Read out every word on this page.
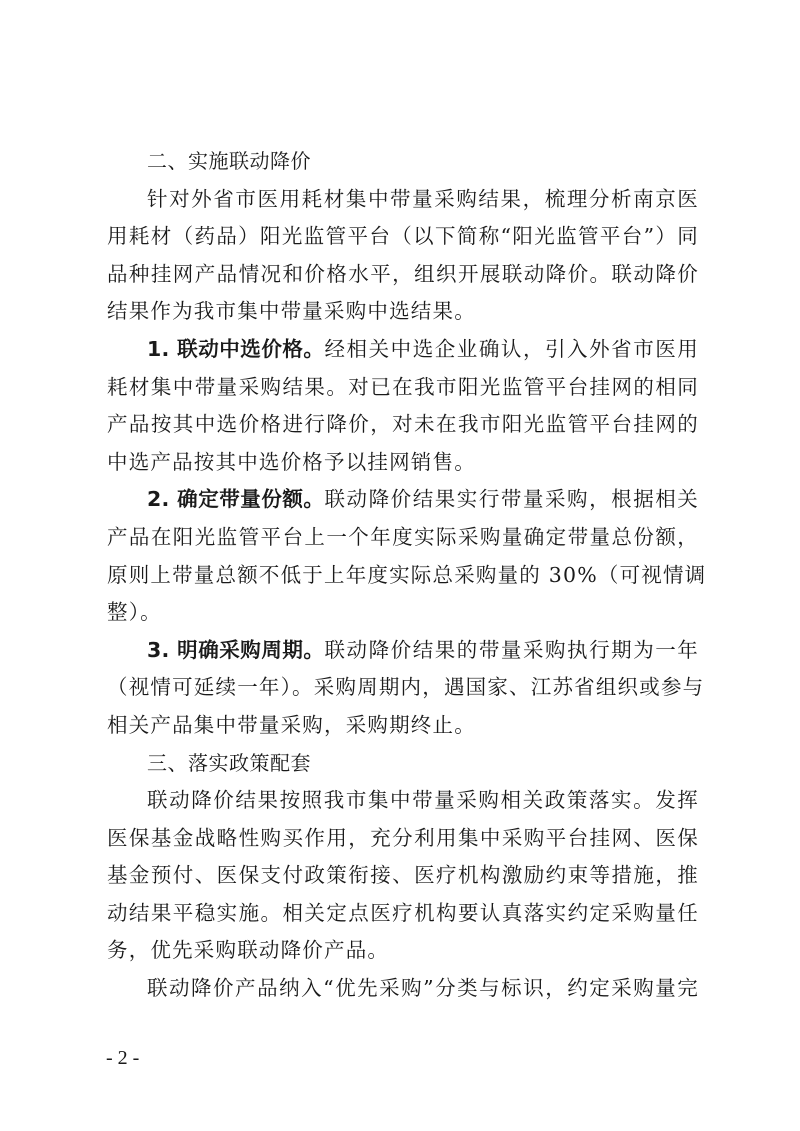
二、实施联动降价
针对外省市医用耗材集中带量采购结果，梳理分析南京医
用耗材（药品）阳光监管平台（以下简称“阳光监管平台”）同
品种挂网产品情况和价格水平，组织开展联动降价。联动降价
结果作为我市集中带量采购中选结果。
1. 联动中选价格。经相关中选企业确认，引入外省市医用
耗材集中带量采购结果。对已在我市阳光监管平台挂网的相同
产品按其中选价格进行降价，对未在我市阳光监管平台挂网的
中选产品按其中选价格予以挂网销售。
2. 确定带量份额。联动降价结果实行带量采购，根据相关
产品在阳光监管平台上一个年度实际采购量确定带量总份额，
原则上带量总额不低于上年度实际总采购量的 30%（可视情调
整）。
3. 明确采购周期。联动降价结果的带量采购执行期为一年
（视情可延续一年）。采购周期内，遇国家、江苏省组织或参与
相关产品集中带量采购，采购期终止。
三、落实政策配套
联动降价结果按照我市集中带量采购相关政策落实。发挥
医保基金战略性购买作用，充分利用集中采购平台挂网、医保
基金预付、医保支付政策衔接、医疗机构激励约束等措施，推
动结果平稳实施。相关定点医疗机构要认真落实约定采购量任
务，优先采购联动降价产品。
联动降价产品纳入“优先采购”分类与标识，约定采购量完
- 2 -
